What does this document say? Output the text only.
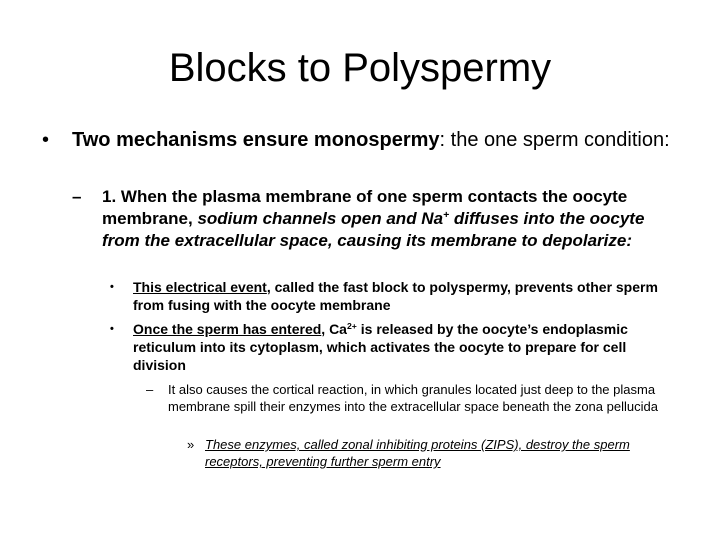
Blocks to Polyspermy
• Two mechanisms ensure monospermy: the one sperm condition:
– 1. When the plasma membrane of one sperm contacts the oocyte membrane, sodium channels open and Na+ diffuses into the oocyte from the extracellular space, causing its membrane to depolarize:
• This electrical event, called the fast block to polyspermy, prevents other sperm from fusing with the oocyte membrane
• Once the sperm has entered, $Ca^{2+}$ is released by the oocyte’s endoplasmic reticulum into its cytoplasm, which activates the oocyte to prepare for cell division
– It also causes the cortical reaction, in which granules located just deep to the plasma membrane spill their enzymes into the extracellular space beneath the zona pellucida
» These enzymes, called zonal inhibiting proteins (ZIPS), destroy the sperm receptors, preventing further sperm entry
